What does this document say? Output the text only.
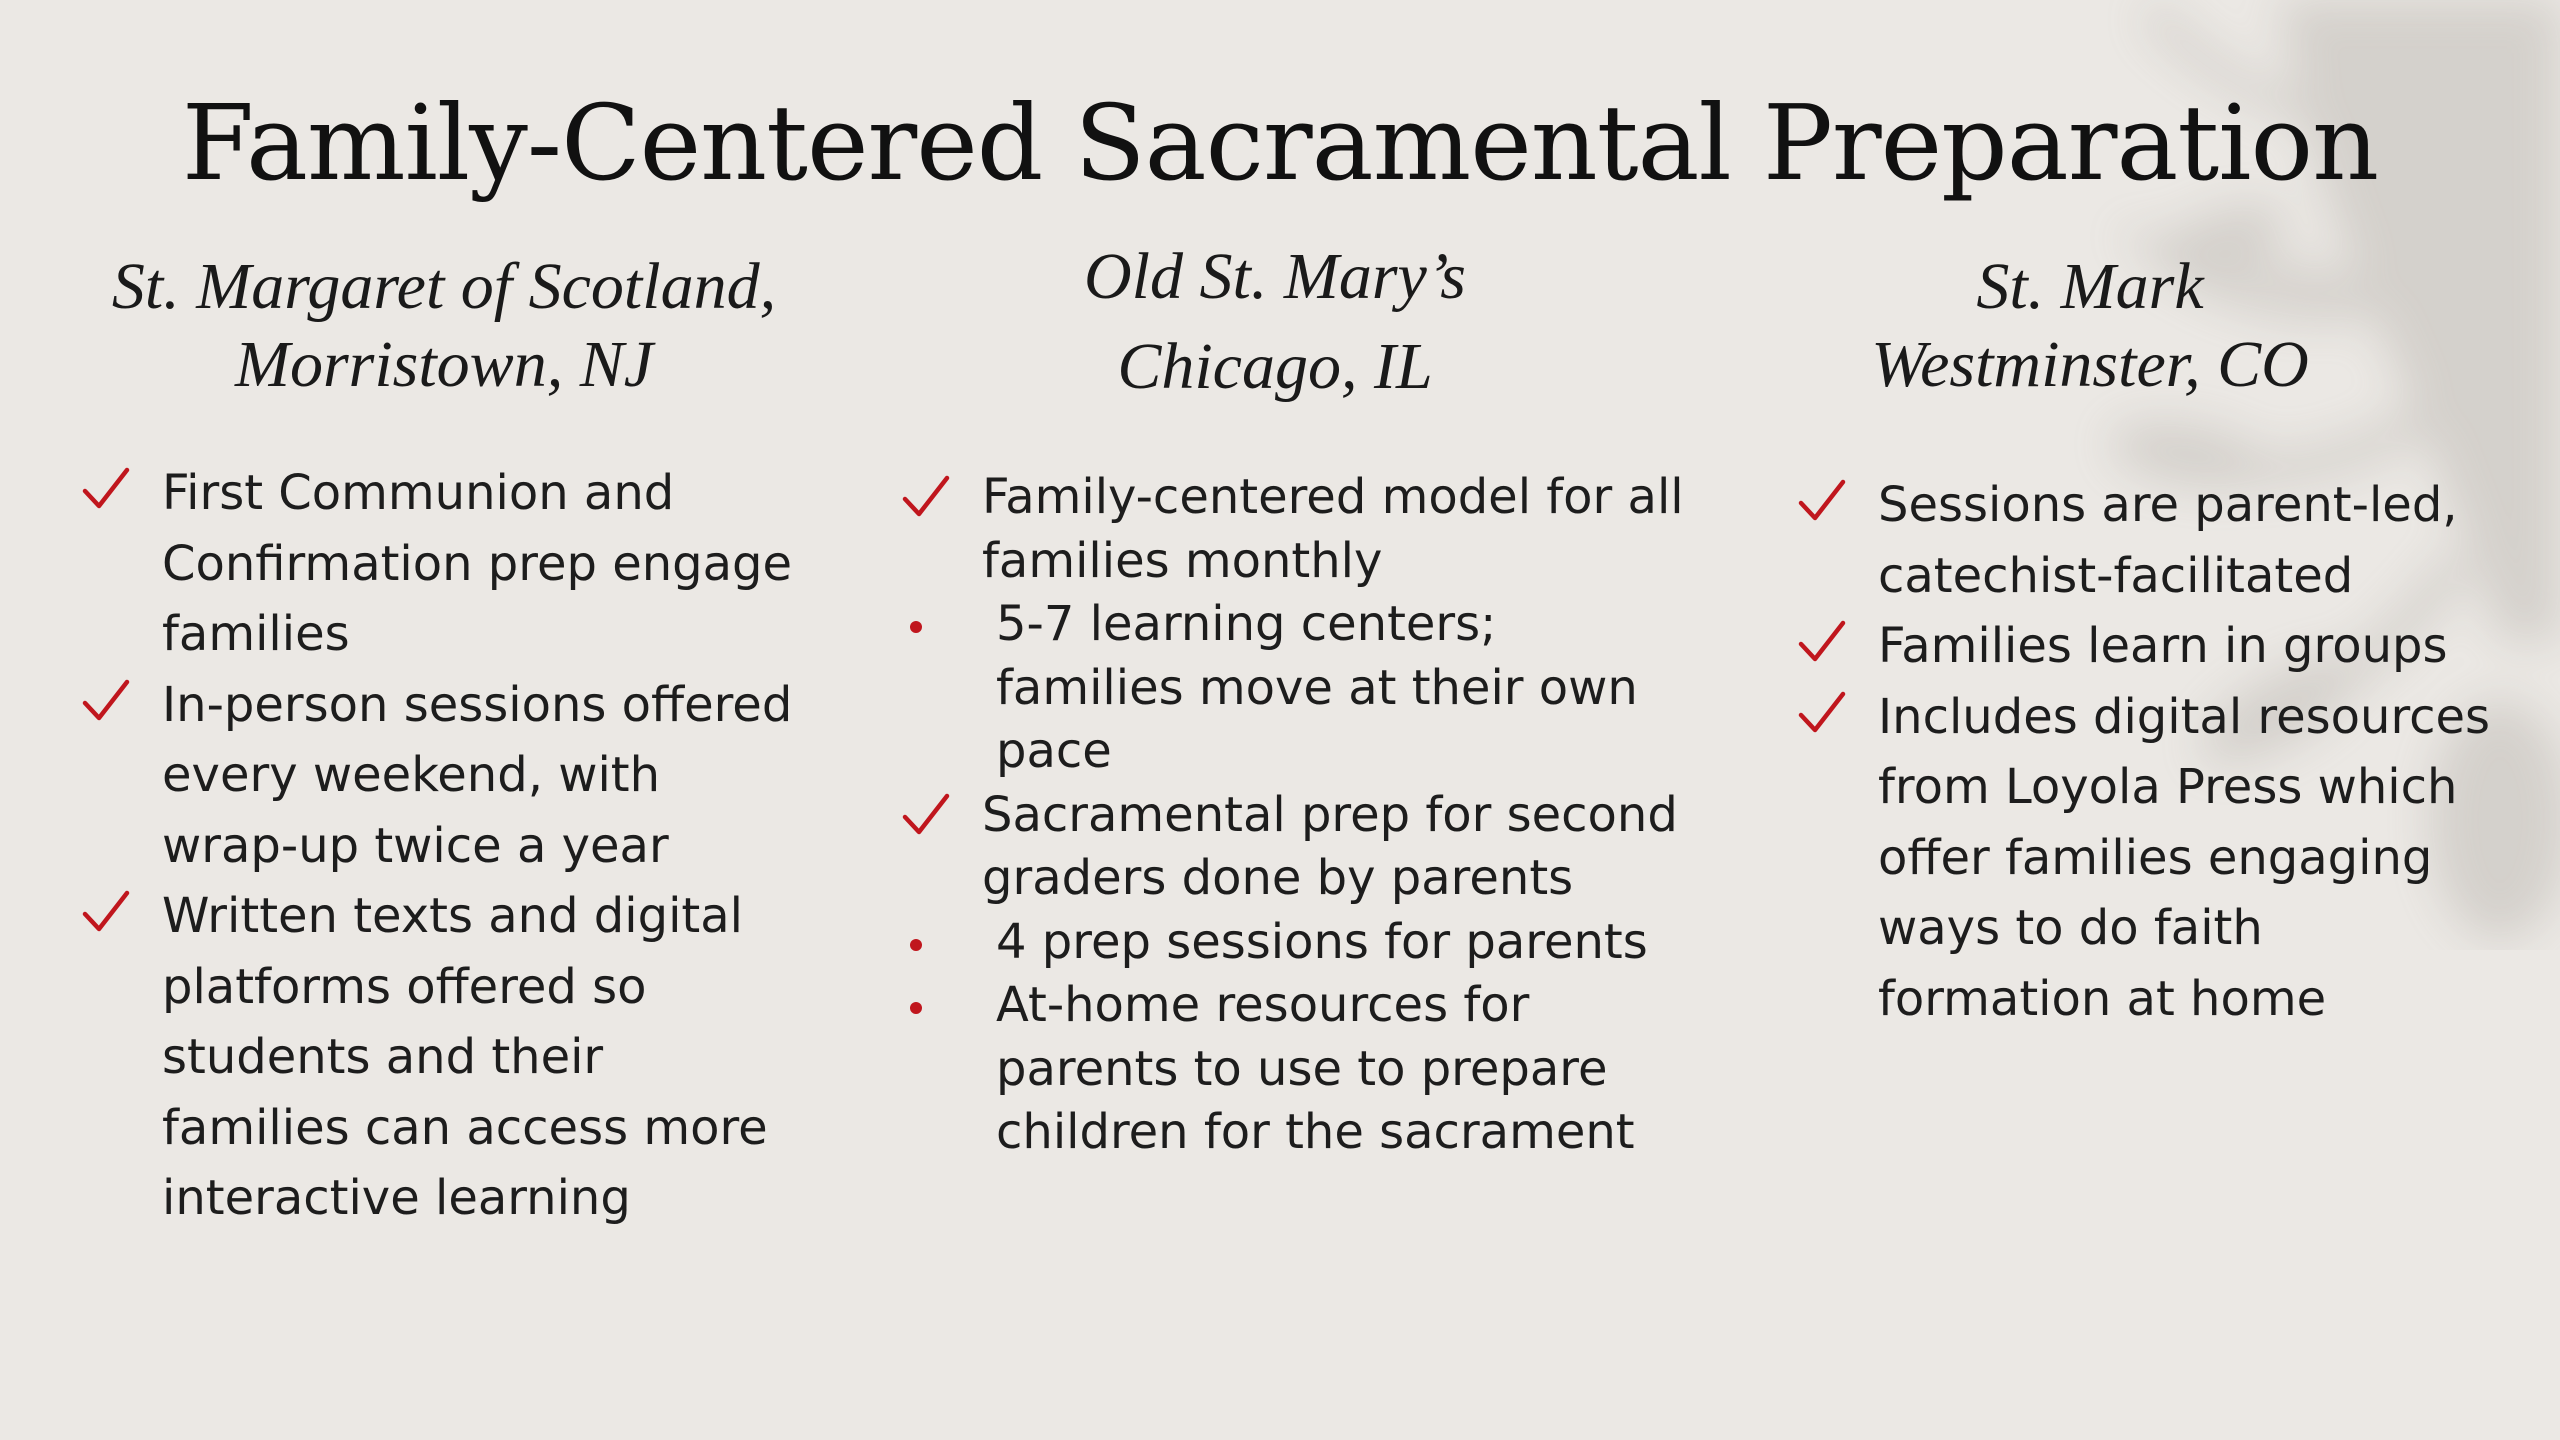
Family-Centered Sacramental Preparation
St. Margaret of Scotland,
Morristown, NJ
First Communion and Confirmation prep engage families
In-person sessions offered every weekend, with wrap-up twice a year
Written texts and digital platforms offered so students and their families can access more interactive learning
Old St. Mary’s
Chicago, IL
Family-centered model for all families monthly
5-7 learning centers; families move at their own pace
Sacramental prep for second graders done by parents
4 prep sessions for parents
At-home resources for parents to use to prepare children for the sacrament
St. Mark
Westminster, CO
Sessions are parent-led, catechist-facilitated
Families learn in groups
Includes digital resources from Loyola Press which offer families engaging ways to do faith formation at home
